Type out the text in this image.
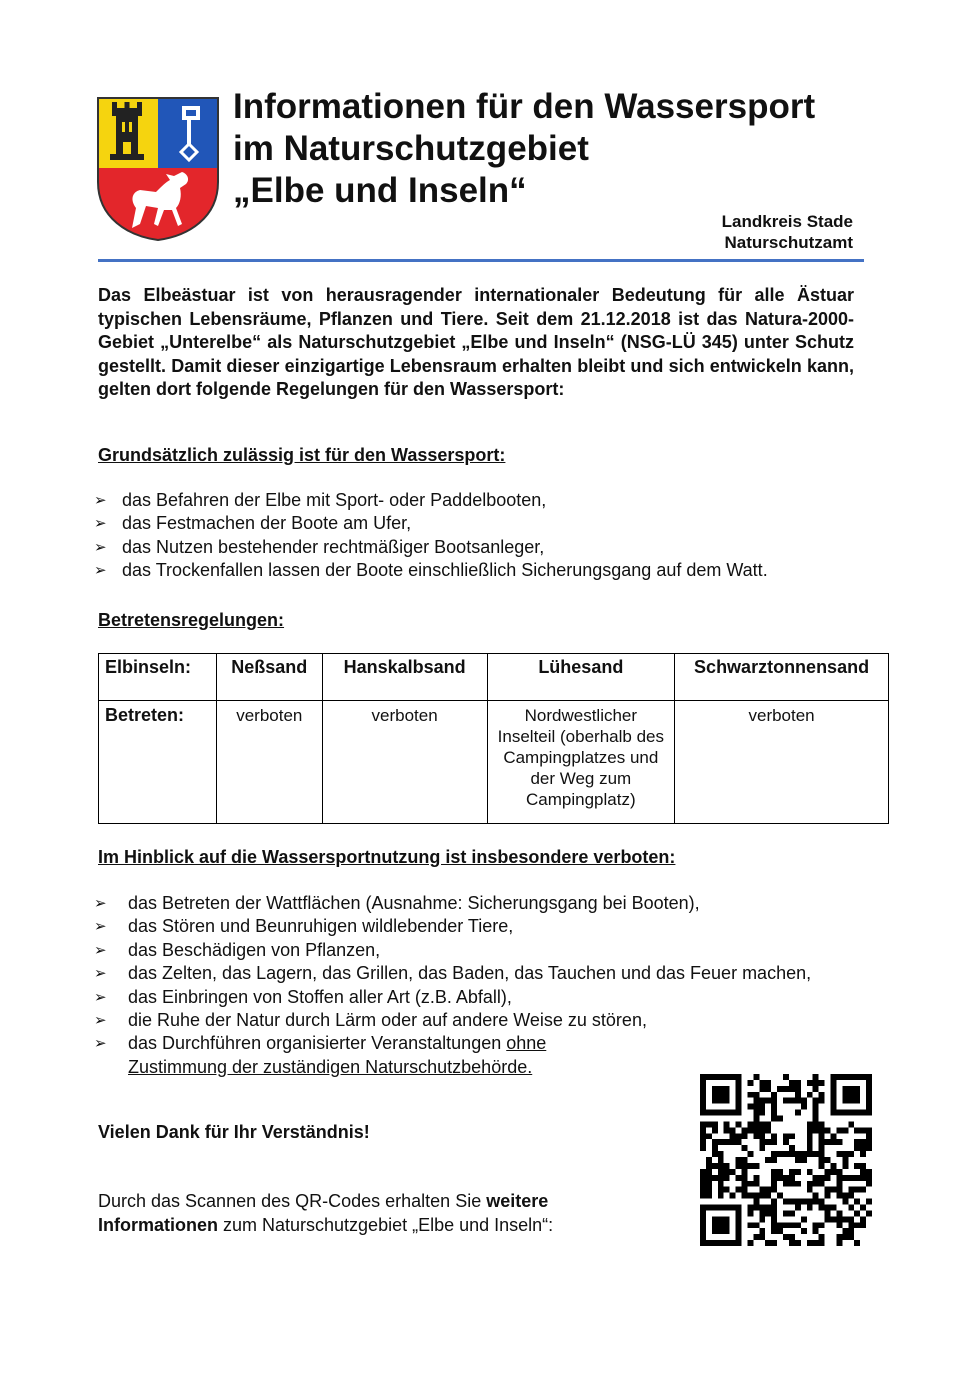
Informationen für den Wassersport
im Naturschutzgebiet
„Elbe und Inseln“
Landkreis Stade
Naturschutzamt

Das Elbeästuar ist von herausragender internationaler Bedeutung für alle Ästuar typischen Lebensräume, Pflanzen und Tiere. Seit dem 21.12.2018 ist das Natura-2000-Gebiet „Unterelbe“ als Naturschutzgebiet „Elbe und Inseln“ (NSG-LÜ 345) unter Schutz gestellt. Damit dieser einzigartige Lebensraum erhalten bleibt und sich entwickeln kann, gelten dort folgende Regelungen für den Wassersport:

Grundsätzlich zulässig ist für den Wassersport:

➢ das Befahren der Elbe mit Sport- oder Paddelbooten,
➢ das Festmachen der Boote am Ufer,
➢ das Nutzen bestehender rechtmäßiger Bootsanleger,
➢ das Trockenfallen lassen der Boote einschließlich Sicherungsgang auf dem Watt.

Betretensregelungen:

Elbinseln:	Neßsand	Hanskalbsand	Lühesand	Schwarztonnensand
Betreten:	verboten	verboten	Nordwestlicher Inselteil (oberhalb des Campingplatzes und der Weg zum Campingplatz)	verboten

Im Hinblick auf die Wassersportnutzung ist insbesondere verboten:

➢ das Betreten der Wattflächen (Ausnahme: Sicherungsgang bei Booten),
➢ das Stören und Beunruhigen wildlebender Tiere,
➢ das Beschädigen von Pflanzen,
➢ das Zelten, das Lagern, das Grillen, das Baden, das Tauchen und das Feuer machen,
➢ das Einbringen von Stoffen aller Art (z.B. Abfall),
➢ die Ruhe der Natur durch Lärm oder auf andere Weise zu stören,
➢ das Durchführen organisierter Veranstaltungen ohne Zustimmung der zuständigen Naturschutzbehörde.

Vielen Dank für Ihr Verständnis!

Durch das Scannen des QR-Codes erhalten Sie weitere Informationen zum Naturschutzgebiet „Elbe und Inseln“:
